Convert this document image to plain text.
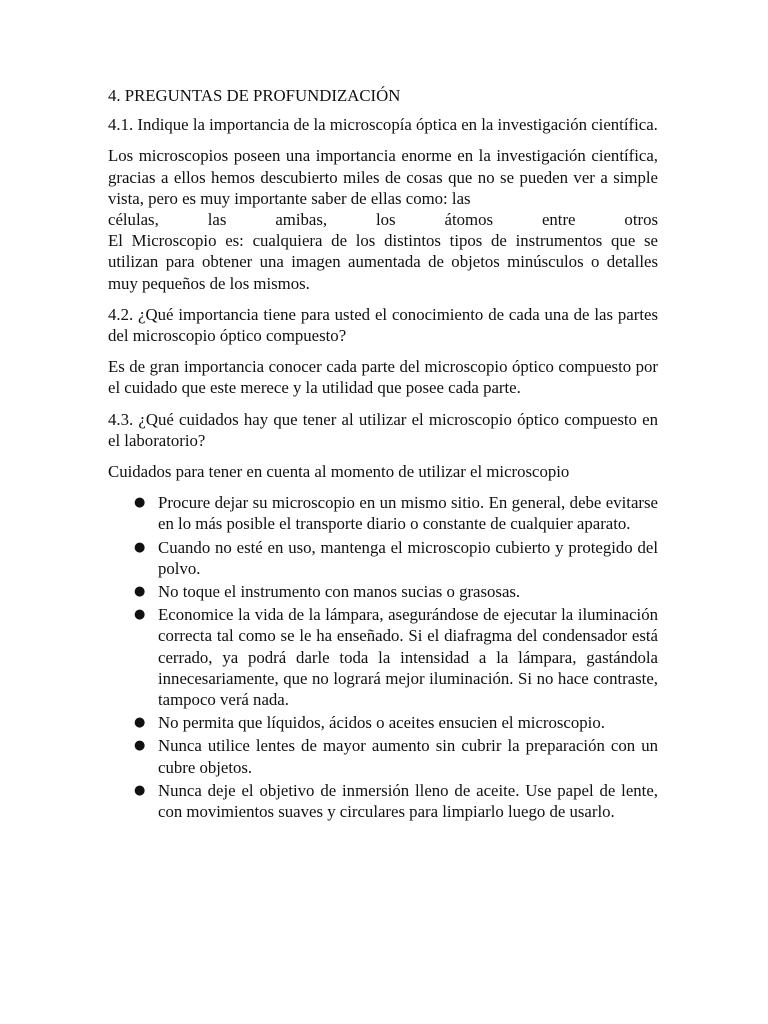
4. PREGUNTAS DE PROFUNDIZACIÓN

4.1. Indique la importancia de la microscopía óptica en la investigación científica.

Los microscopios poseen una importancia enorme en la investigación científica, gracias a ellos hemos descubierto miles de cosas que no se pueden ver a simple vista, pero es muy importante saber de ellas como: las
células, las amibas, los átomos entre otros

El Microscopio es: cualquiera de los distintos tipos de instrumentos que se utilizan para obtener una imagen aumentada de objetos minúsculos o detalles muy pequeños de los mismos.

4.2. ¿Qué importancia tiene para usted el conocimiento de cada una de las partes del microscopio óptico compuesto?

Es de gran importancia conocer cada parte del microscopio óptico compuesto por el cuidado que este merece y la utilidad que posee cada parte.

4.3. ¿Qué cuidados hay que tener al utilizar el microscopio óptico compuesto en el laboratorio?

Cuidados para tener en cuenta al momento de utilizar el microscopio

● Procure dejar su microscopio en un mismo sitio. En general, debe evitarse en lo más posible el transporte diario o constante de cualquier aparato.
● Cuando no esté en uso, mantenga el microscopio cubierto y protegido del polvo.
● No toque el instrumento con manos sucias o grasosas.
● Economice la vida de la lámpara, asegurándose de ejecutar la iluminación correcta tal como se le ha enseñado. Si el diafragma del condensador está cerrado, ya podrá darle toda la intensidad a la lámpara, gastándola innecesariamente, que no logrará mejor iluminación. Si no hace contraste, tampoco verá nada.
● No permita que líquidos, ácidos o aceites ensucien el microscopio.
● Nunca utilice lentes de mayor aumento sin cubrir la preparación con un cubre objetos.
● Nunca deje el objetivo de inmersión lleno de aceite. Use papel de lente, con movimientos suaves y circulares para limpiarlo luego de usarlo.
